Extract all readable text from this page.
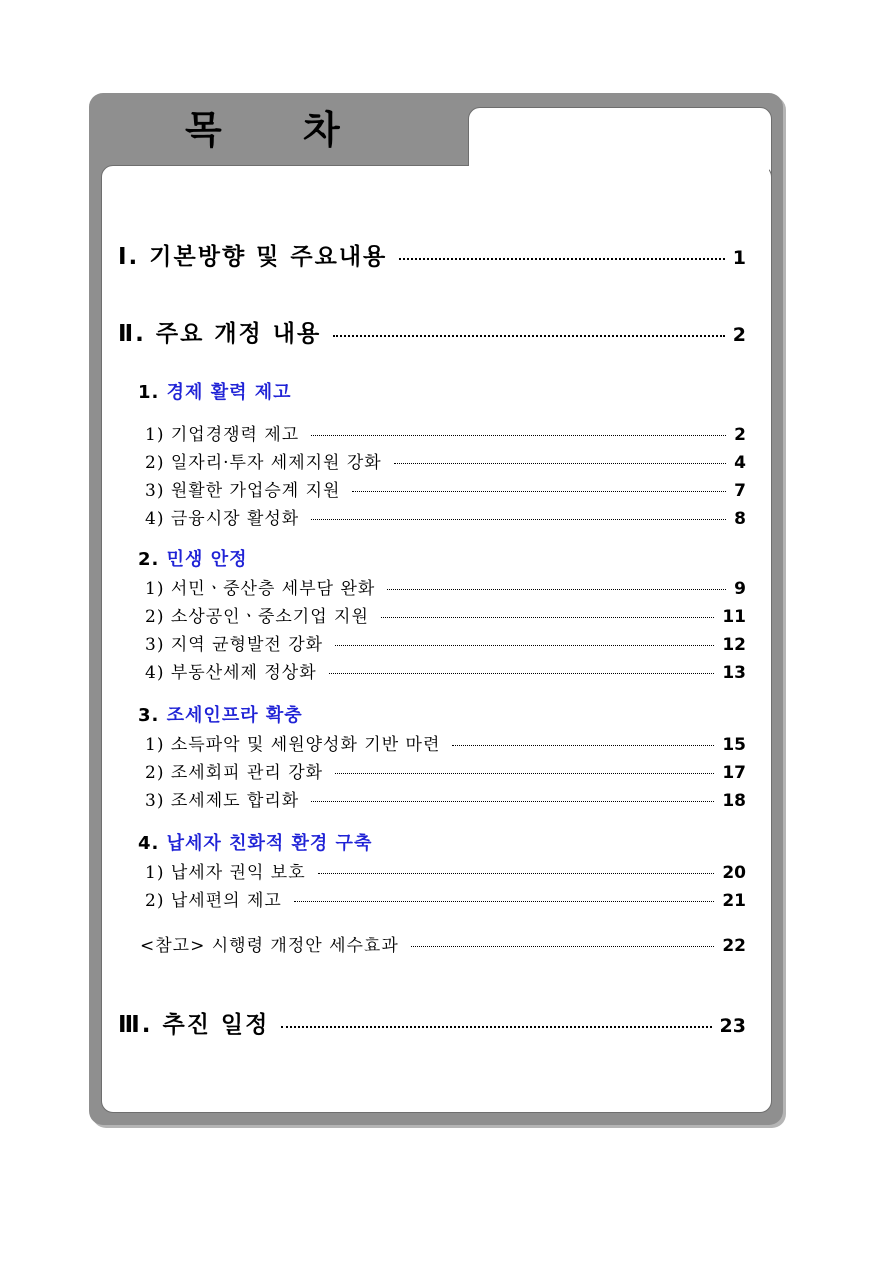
목 차
Ⅰ. 기본방향 및 주요내용	1
Ⅱ. 주요 개정 내용	2
1. 경제 활력 제고
1) 기업경쟁력 제고	2
2) 일자리·투자 세제지원 강화	4
3) 원활한 가업승계 지원	7
4) 금융시장 활성화	8
2. 민생 안정
1) 서민ㆍ중산층 세부담 완화	9
2) 소상공인ㆍ중소기업 지원	11
3) 지역 균형발전 강화	12
4) 부동산세제 정상화	13
3. 조세인프라 확충
1) 소득파악 및 세원양성화 기반 마련	15
2) 조세회피 관리 강화	17
3) 조세제도 합리화	18
4. 납세자 친화적 환경 구축
1) 납세자 권익 보호	20
2) 납세편의 제고	21
<참고> 시행령 개정안 세수효과	22
Ⅲ. 추진 일정	23
